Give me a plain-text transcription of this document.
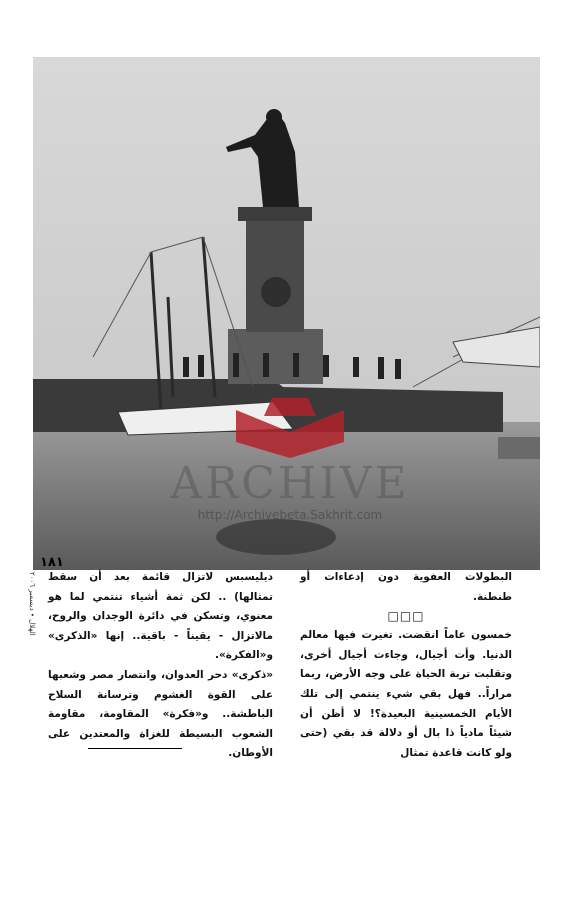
ARCHIVE
http://Archivebeta.Sakhrit.com
١٨١
الهلال • ديسمبر ٢٠٠٦

البطولات العفوية دون إدعاءات أو طنطنة.

□□□

خمسون عاماً انقضت. تغيرت فيها معالم الدنيا. وأت أجيال، وجاءت أجيال أخرى، وتقلبت تربة الحياة على وجه الأرض، ربما مراراً.. فهل بقي شيء ينتمي إلى تلك الأيام الخمسينية البعيدة؟! لا أظن أن شيئاً مادياً ذا بال أو دلالة قد بقي (حتى ولو كانت قاعدة تمثال

ديليسبس لاتزال قائمة بعد أن سقط تمثالها) .. لكن ثمة أشياء تنتمي لما هو معنوي، وتسكن في دائرة الوجدان والروح، مالاتزال - يقيناً - باقية.. إنها «الذكرى» و«الفكرة».

«ذكرى» دحر العدوان، وانتصار مصر وشعبها على القوة الغشوم وترسانة السلاح الباطشة.. و«فكرة» المقاومة، مقاومة الشعوب البسيطة للغزاة والمعتدين على الأوطان.
